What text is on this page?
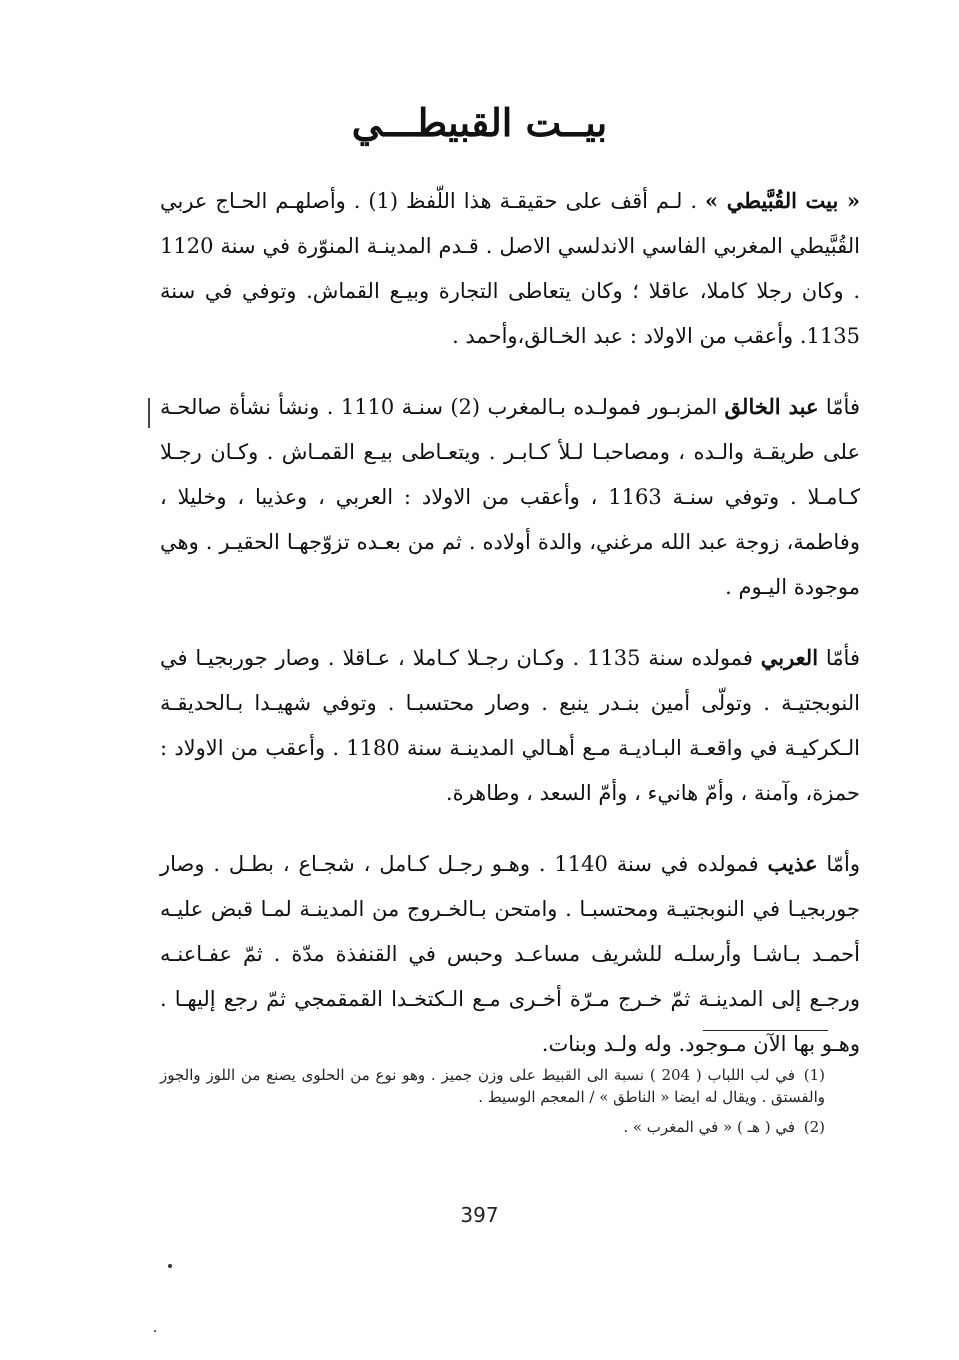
بيــت القبيطـــي

« بيت القُبَّيطي » . لـم أقف على حقيقـة هذا اللّفظ (1) . وأصلهـم الحـاج عربي القُبَّيطي المغربي الفاسي الاندلسي الاصل . قـدم المدينـة المنوّرة في سنة 1120 . وكان رجلا كاملا، عاقلا ؛ وكان يتعاطى التجارة وبيـع القماش. وتوفي في سنة 1135. وأعقب من الاولاد : عبد الخـالق،وأحمد .

فأمّا عبد الخالق المزبـور فمولـده بـالمغرب (2) سنـة 1110 . ونشأ نشأة صالحـة على طريقـة والـده ، ومصاحبـا لـلأ كـابـر . ويتعـاطى بيـع القمـاش . وكـان رجـلا كـامـلا . وتوفي سنـة 1163 ، وأعقب من الاولاد : العربي ، وعذيبا ، وخليلا ، وفاطمة، زوجة عبد الله مرغني، والدة أولاده . ثم من بعـده تزوّجهـا الحقيـر . وهي موجودة اليـوم .

فأمّا العربي فمولده سنة 1135 . وكـان رجـلا كـاملا ، عـاقلا . وصار جوربجيـا في النوبجتيـة . وتولّى أمين بنـدر ينبع . وصار محتسبـا . وتوفي شهيـدا بـالحديقـة الـكركيـة في واقعـة البـاديـة مـع أهـالي المدينـة سنة 1180 . وأعقب من الاولاد : حمزة، وآمنة ، وأمّ هانيء ، وأمّ السعد ، وطاهرة.

وأمّا عذيب فمولده في سنة 1140 . وهـو رجـل كـامل ، شجـاع ، بطـل . وصار جوربجيـا في النوبجتيـة ومحتسبـا . وامتحن بـالخـروج من المدينـة لمـا قبض عليـه أحمـد بـاشـا وأرسلـه للشريف مساعـد وحبس في القنفذة مدّة . ثمّ عفـاعنـه ورجـع إلى المدينـة ثمّ خـرج مـرّة أخـرى مـع الـكتخـدا القمقمجي ثمّ رجع إليهـا . وهـو بها الآن مـوجود. وله ولـد وبنات.

(1)في لب اللباب ( 204 ) نسبة الى القبيط على وزن جميز . وهو نوع من الحلوى يصنع من اللوز والجوز والفستق . ويقال له ايضا « الناطق » / المعجم الوسيط .

(2)في ( هـ ) « في المغرب » .

397
